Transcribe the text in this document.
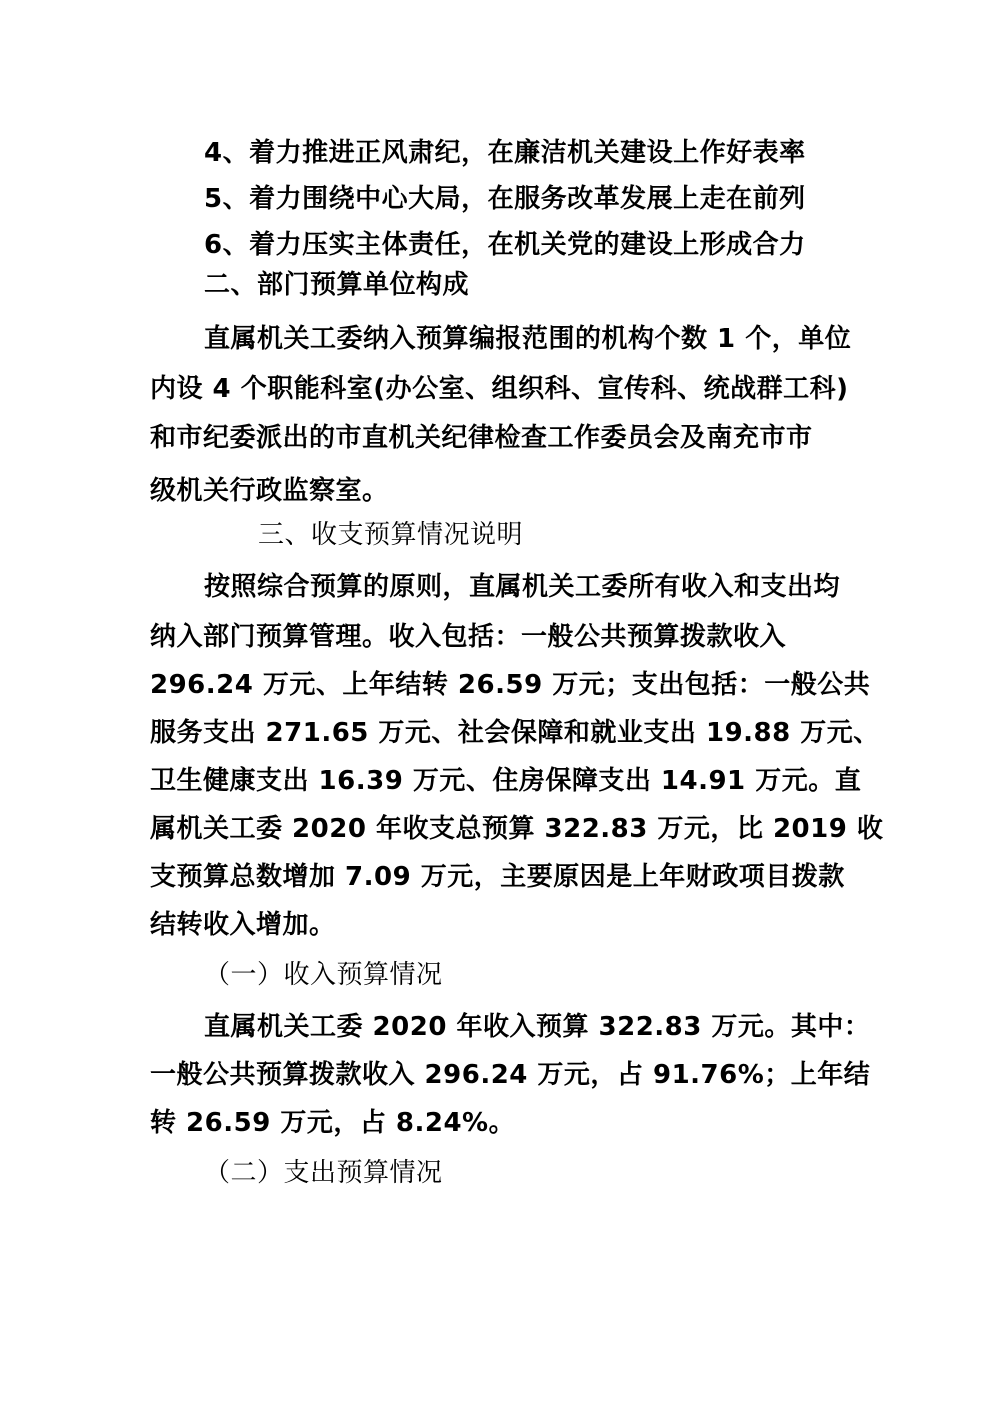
4、着力推进正风肃纪，在廉洁机关建设上作好表率
5、着力围绕中心大局，在服务改革发展上走在前列
6、着力压实主体责任，在机关党的建设上形成合力
二、部门预算单位构成
直属机关工委纳入预算编报范围的机构个数 1 个，单位
内设 4 个职能科室(办公室、组织科、宣传科、统战群工科)
和市纪委派出的市直机关纪律检查工作委员会及南充市市
级机关行政监察室。
三、收支预算情况说明
按照综合预算的原则，直属机关工委所有收入和支出均
纳入部门预算管理。收入包括：一般公共预算拨款收入
296.24 万元、上年结转 26.59 万元；支出包括：一般公共
服务支出 271.65 万元、社会保障和就业支出 19.88 万元、
卫生健康支出 16.39 万元、住房保障支出 14.91 万元。直
属机关工委 2020 年收支总预算 322.83 万元，比 2019 收
支预算总数增加 7.09 万元，主要原因是上年财政项目拨款
结转收入增加。
（一）收入预算情况
直属机关工委 2020 年收入预算 322.83 万元。其中：
一般公共预算拨款收入 296.24 万元，占 91.76%；上年结
转 26.59 万元，占 8.24%。
（二）支出预算情况
